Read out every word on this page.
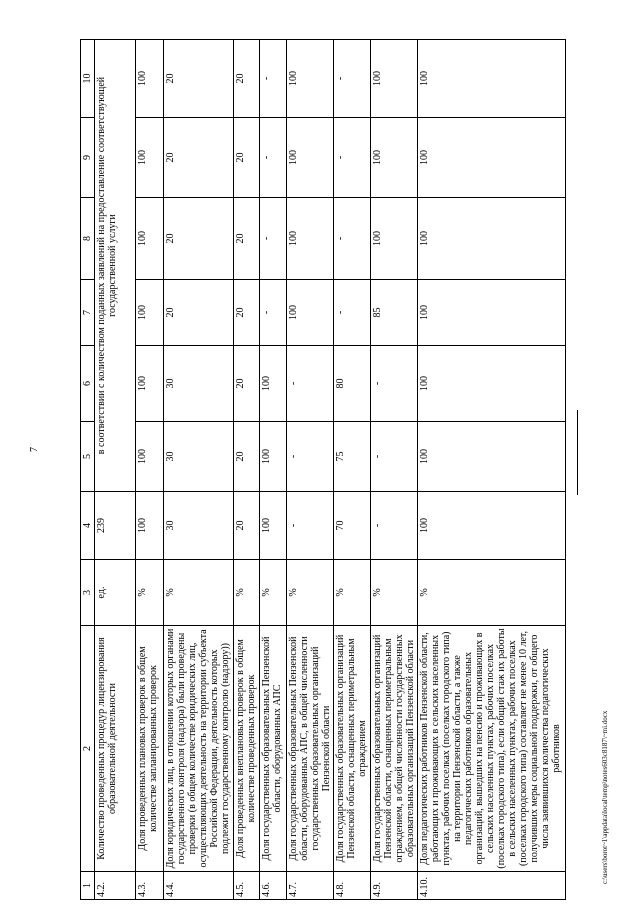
7
c:\users\borot~1\appdata\local\temp\notes603c8187\~mi.docx
1	2	3	4	5	6	7	8	9	10
4.2.	Количество проведенных процедур лицензирования образовательной деятельности	ед.	239	в соответствии с количеством поданных заявлений на предоставление соответствующей государственной услуги					
4.3.	Доля проведенных плановых проверок в общем количестве запланированных проверок	%	100	100	100	100	100	100	100
4.4.	Доля юридических лиц, в отношении которых органами государственного контроля (надзора) были проведены проверки (в общем количестве юридических лиц, осуществляющих деятельность на территории субъекта Российской Федерации, деятельность которых подлежит государственному контролю (надзору))	%	30	30	30	20	20	20	20
4.5.	Доля проведенных внеплановых проверок в общем количестве проведенных проверок	%	20	20	20	20	20	20	20
4.6.	Доля государственных образовательных Пензенской области, оборудованных АПС	%	100	100	100	-	-	-	-
4.7.	Доля государственных образовательных Пензенской области, оборудованных АПС, в общей численности государственных образовательных организаций Пензенской области	%	-	-	-	100	100	100	100
4.8.	Доля государственных образовательных организаций Пензенской области, оснащенных периметральным ограждением	%	70	75	80	-	-	-	-
4.9.	Доля государственных образовательных организаций Пензенской области, оснащенных периметральным ограждением, в общей численности государственных образовательных организаций Пензенской области	%	-	-	-	85	100	100	100
4.10.	Доля педагогических работников Пензенской области, работающих и проживающих в сельских населенных пунктах, рабочих поселках (поселках городского типа) на территории Пензенской области, а также педагогических работников образовательных организаций, вышедших на пенсию и проживающих в сельских населенных пунктах, рабочих поселках (поселках городского типа), если общий стаж их работы в сельских населенных пунктах, рабочих поселках (поселках городского типа) составляет не менее 10 лет, получивших меры социальной поддержки, от общего числа заявившихся количества педагогических работников	%	100	100	100	100	100	100	100
